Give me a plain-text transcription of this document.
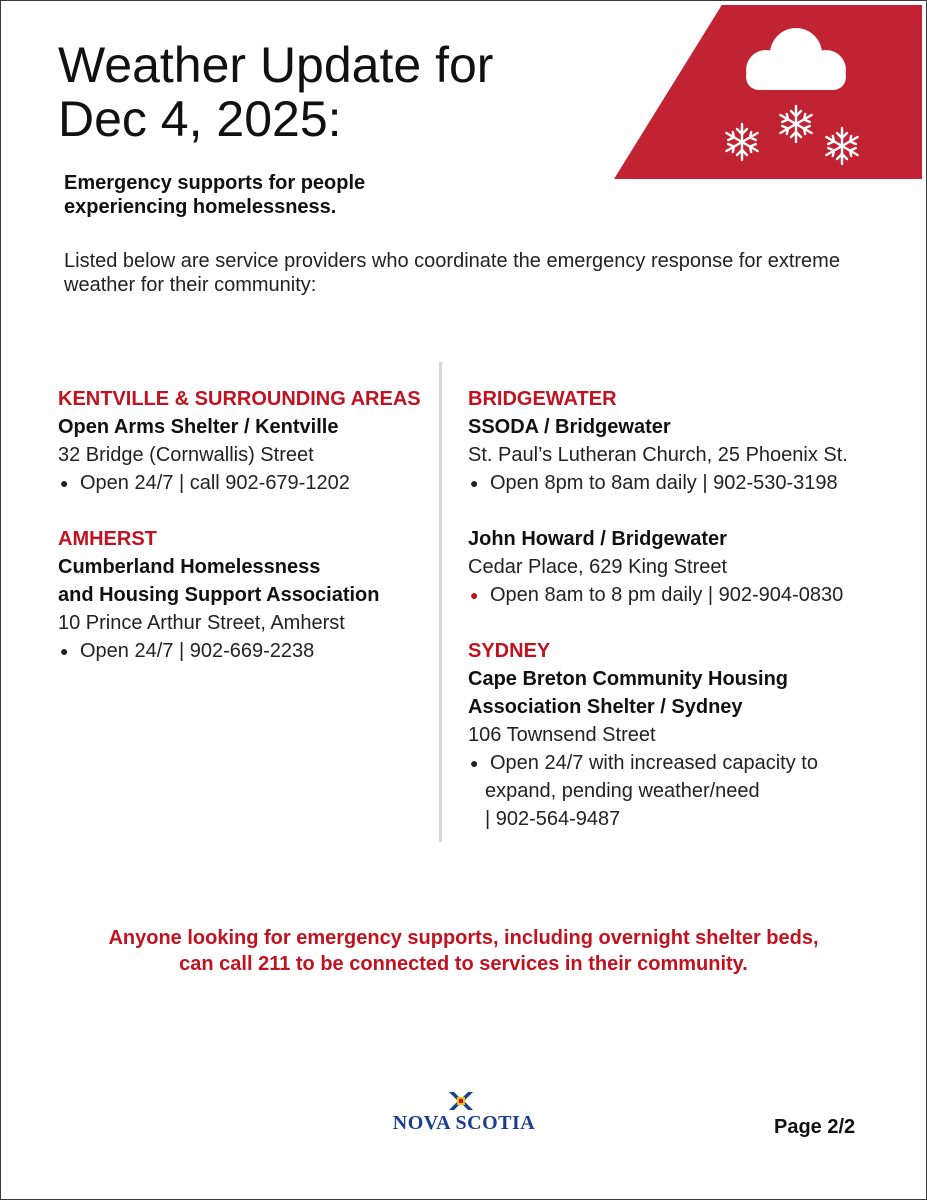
Weather Update for
Dec 4, 2025:

Emergency supports for people
experiencing homelessness.

Listed below are service providers who coordinate the emergency response for extreme weather for their community:

KENTVILLE & SURROUNDING AREAS
Open Arms Shelter / Kentville
32 Bridge (Cornwallis) Street
● Open 24/7 | call 902-679-1202
AMHERST
Cumberland Homelessness
and Housing Support Association
10 Prince Arthur Street, Amherst
● Open 24/7 | 902-669-2238
BRIDGEWATER
SSODA / Bridgewater
St. Paul’s Lutheran Church, 25 Phoenix St.
● Open 8pm to 8am daily | 902-530-3198
John Howard / Bridgewater
Cedar Place, 629 King Street
● Open 8am to 8 pm daily | 902-904-0830
SYDNEY
Cape Breton Community Housing
Association Shelter / Sydney
106 Townsend Street
● Open 24/7 with increased capacity to
expand, pending weather/need
| 902-564-9487

Anyone looking for emergency supports, including overnight shelter beds,
can call 211 to be connected to services in their community.

NOVA SCOTIA	Page 2/2
